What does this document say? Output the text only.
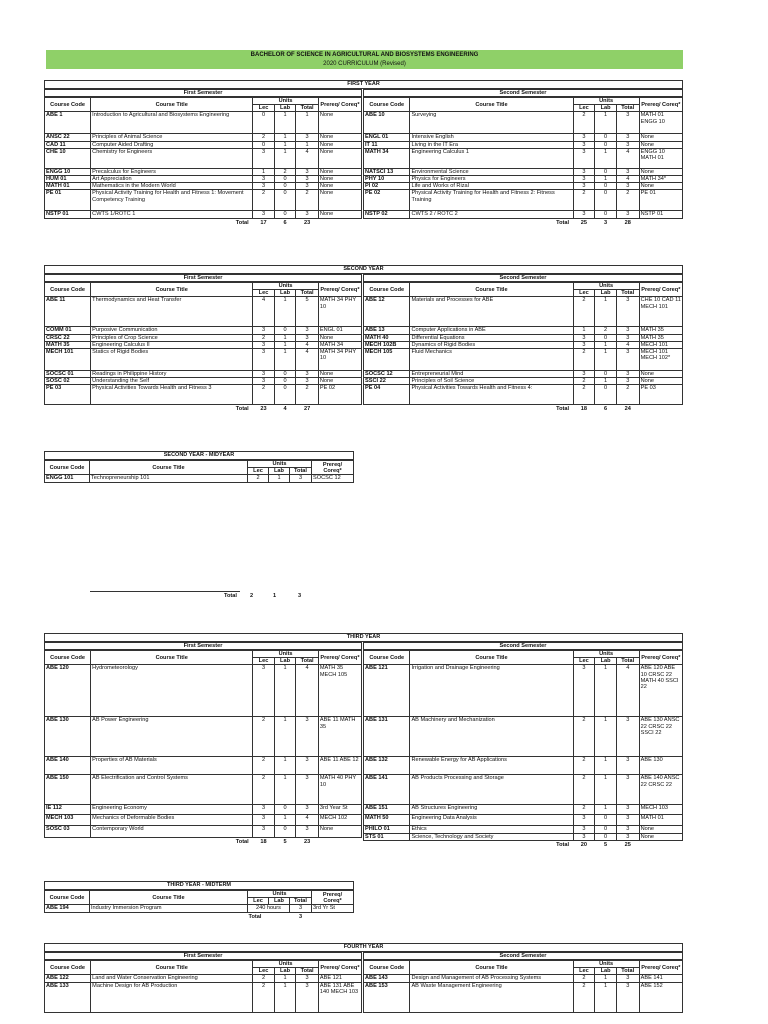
BACHELOR OF SCIENCE IN AGRICULTURAL AND BIOSYSTEMS ENGINEERING
2020 CURRICULUM (Revised)
FIRST YEAR
First Semester
Course Code	Course Title	Units			Prereq/ Coreq*
		Lec	Lab	Total	
ABE 1	Introduction to Agricultural and Biosystems Engineering	0	1	1	None
ANSC 22	Principles of Animal Science	2	1	3	None
CAD 11	Computer Aided Drafting	0	1	1	None
CHE 10	Chemistry for Engineers	3	1	4	None
ENGG 10	Precalculus for Engineers	1	2	3	None
HUM 01	Art Appreciation	3	0	3	None
MATH 01	Mathematics in the Modern World	3	0	3	None
PE 01	Physical Activity Training for Health and Fitness 1: Movement Competency Training	2	0	2	None
NSTP 01	CWTS 1/ROTC 1	3	0	3	None
	Total	17	6	23	
Second Semester
Course Code	Course Title	Units			Prereq/ Coreq*
		Lec	Lab	Total	
ABE 10	Surveying	2	1	3	MATH 01 ENGG 10
ENGL 01	Intensive English	3	0	3	None
IT 11	Living in the IT Era	3	0	3	None
MATH 34	Engineering Calculus 1	3	1	4	ENGG 10 MATH 01
NATSCI 13	Environmental Science	3	0	3	None
PHY 10	Physics for Engineers	3	1	4	MATH 34*
PI 02	Life and Works of Rizal	3	0	3	None
PE 02	Physical Activity Training for Health and Fitness 2: Fitness Training	2	0	2	PE 01
NSTP 02	CWTS 2 / ROTC 2	3	0	3	NSTP 01
	Total	25	3	28	
SECOND YEAR
First Semester
Course Code	Course Title	Units			Prereq/ Coreq*
		Lec	Lab	Total	
ABE 11	Thermodynamics and Heat Transfer	4	1	5	MATH 34 PHY 10
COMM 01	Purposive Communication	3	0	3	ENGL 01
CRSC 22	Principles of Crop Science	2	1	3	None
MATH 35	Engineering Calculus II	3	1	4	MATH 34
MECH 101	Statics of Rigid Bodies	3	1	4	MATH 34 PHY 10
SOCSC 01	Readings in Philippine History	3	0	3	None
SOSC 02	Understanding the Self	3	0	3	None
PE 03	Physical Activities Towards Health and Fitness 3	2	0	2	PE 02
	Total	23	4	27	
Second Semester
Course Code	Course Title	Units			Prereq/ Coreq*
		Lec	Lab	Total	
ABE 12	Materials and Processes for ABE	2	1	3	CHE 10 CAD 11 MECH 101
ABE 13	Computer Applications in ABE	1	2	3	MATH 35
MATH 40	Differential Equations	3	0	3	MATH 35
MECH 102B	Dynamics of Rigid Bodies	3	1	4	MECH 101
MECH 105	Fluid Mechanics	2	1	3	MECH 101 MECH 102*
SOCSC 12	Entrepreneurial Mind	3	0	3	None
SSCI 22	Principles of Soil Science	2	1	3	None
PE 04	Physical Activities Towards Health and Fitness 4:	2	0	2	PE 03
	Total	18	6	24	
SECOND YEAR - MIDYEAR
Course Code	Course Title	Units			Prereq/ Coreq*
		Lec	Lab	Total	
ENGG 101	Technopreneurship 101	2	1	3	SOCSC 12
Total 2	1	3
THIRD YEAR
First Semester
Course Code	Course Title	Units			Prereq/ Coreq*
		Lec	Lab	Total	
ABE 120	Hydrometeorology	3	1	4	MATH 35 MECH 105
ABE 130	AB Power Engineering	2	1	3	ABE 11 MATH 35
ABE 140	Properties of AB Materials	2	1	3	ABE 11 ABE 12
ABE 150	AB Electrification and Control Systems	2	1	3	MATH 40 PHY 10
IE 112	Engineering Economy	3	0	3	3rd Year St
MECH 103	Mechanics of Deformable Bodies	3	1	4	MECH 102
SOSC 03	Contemporary World	3	0	3	None
	Total	18	5	23	
Second Semester
Course Code	Course Title	Units			Prereq/ Coreq*
		Lec	Lab	Total	
ABE 121	Irrigation and Drainage Engineering	3	1	4	ABE 120 ABE 10 CRSC 22 MATH 40 SSCI 22
ABE 131	AB Machinery and Mechanization	2	1	3	ABE 130 ANSC 22 CRSC 22 SSCI 22
ABE 132	Renewable Energy for AB Applications	2	1	3	ABE 130
ABE 141	AB Products Processing and Storage	2	1	3	ABE 140 ANSC 22 CRSC 22
ABE 151	AB Structures Engineering	2	1	3	MECH 103
MATH 50	Engineering Data Analysis	3	0	3	MATH 01
PHILO 01	Ethics	3	0	3	None
STS 01	Science, Technology and Society	3	0	3	None
	Total	20	5	25	
THIRD YEAR - MIDTERM
Course Code	Course Title	Units			Prereq/ Coreq*
		Lec	Lab	Total	
ABE 194	Industry Immersion Program	240 hours		3	3rd Yr St
		Total		3	
FOURTH YEAR
First Semester
Course Code	Course Title	Units			Prereq/ Coreq*
		Lec	Lab	Total	
ABE 122	Land and Water Conservation Engineering	2	1	3	ABE 121
ABE 133	Machine Design for AB Production	2	1	3	ABE 131 ABE 140 MECH 103
Second Semester
Course Code	Course Title	Units			Prereq/ Coreq*
		Lec	Lab	Total	
ABE 143	Design and Management of AB Processing Systems	2	1	3	ABE 141
ABE 153	AB Waste Management Engineering	2	1	3	ABE 152
